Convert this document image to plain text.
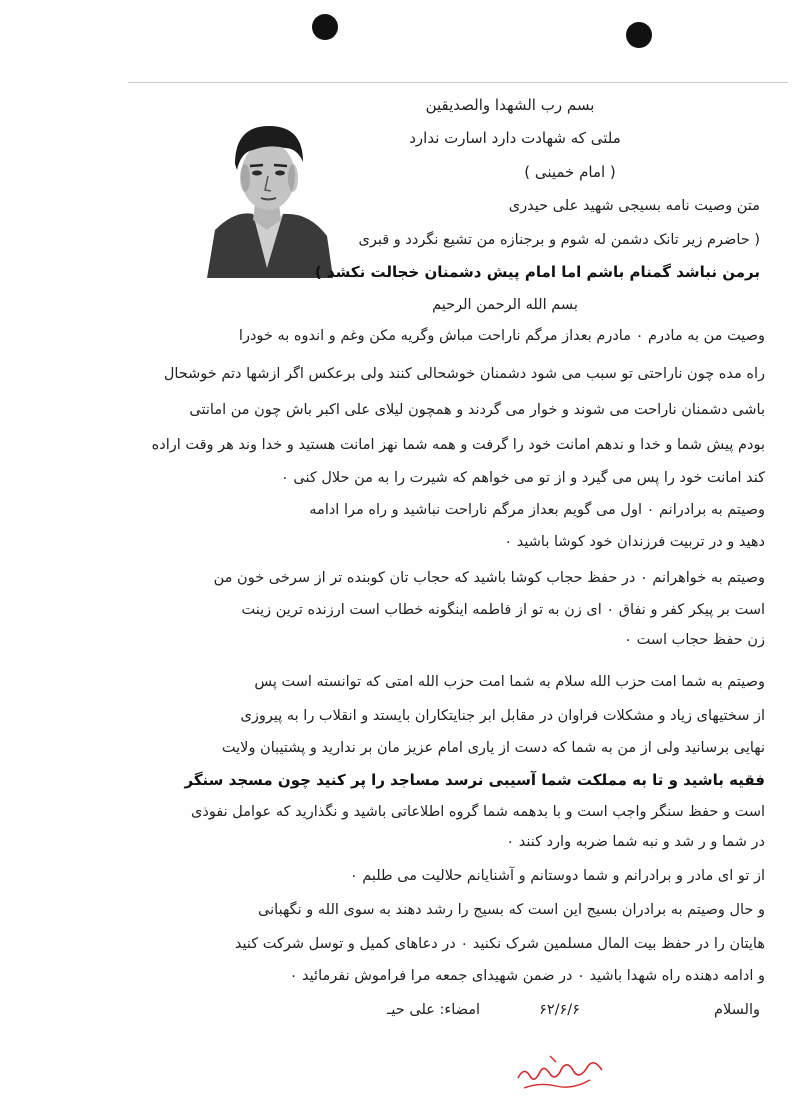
بسم رب الشهدا والصدیقین
ملتی که شهادت دارد اسارت ندارد
( امام خمینی )
متن وصیت نامه بسیجی شهید علی حیدری
( حاضرم زیر تانک دشمن له شوم و برجنازه من تشیع نگردد و قبری
برمن نباشد گمنام باشم اما امام پیش دشمنان خجالت نکشد )
بسم الله الرحمن الرحیم
وصیت من به مادرم ۰ مادرم بعداز مرگم ناراحت مباش وگریه مکن وغم و اندوه به خودرا
راه مده چون ناراحتی تو سبب می شود دشمنان خوشحالی کنند ولی برعکس اگر ازشها دتم خوشحال
باشی دشمنان ناراحت می شوند و خوار می گردند و همچون لیلای علی اکبر باش چون من امانتی
بودم پیش شما و خدا و ندهم امانت خود را گرفت و همه شما نهز امانت هستید و خدا وند هر وقت اراده
کند امانت خود را پس می گیرد و از تو می خواهم که شیرت را به من حلال کنی ۰
وصیتم به برادرانم ۰ اول می گویم بعداز مرگم ناراحت نباشید و راه مرا ادامه
دهید و در تربیت فرزندان خود کوشا باشید ۰
وصیتم به خواهرانم ۰ در حفظ حجاب کوشا باشید که حجاب تان کوبنده تر از سرخی خون من
است بر پیکر کفر و نفاق ۰ ای زن به تو از فاطمه اینگونه خطاب است ارزنده ترین زینت
زن حفظ حجاب است ۰
وصیتم به شما امت حزب الله سلام به شما امت حزب الله امتی که توانسته است پس
از سختیهای زیاد و مشکلات فراوان در مقابل ابر جنایتکاران بایستد و انقلاب را به پیروزی
نهایی برسانید ولی از من به شما که دست از یاری امام عزیز مان بر ندارید و پشتیبان ولایت
فقیه باشید و تا به مملکت شما آسیبی نرسد مساجد را پر کنید چون مسجد سنگر
است و حفظ سنگر واجب است و با بدهمه شما گروه اطلاعاتی باشید و نگذارید که عوامل نفوذی
در شما و ر شد و نبه شما ضربه وارد کنند ۰
از تو ای مادر و برادرانم و شما دوستانم و آشنایانم حلالیت می طلبم ۰
و حال وصیتم به برادران بسیج این است که بسیج را رشد دهند به سوی الله و نگهبانی
هایتان را در حفظ بیت المال مسلمین شرک نکنید ۰ در دعاهای کمیل و توسل شرکت کنید
و ادامه دهنده راه شهدا باشید ۰ در ضمن شهیدای جمعه مرا فراموش نفرمائید ۰
والسلام
۶۲/۶/۶
امضاء: علی حیـ
